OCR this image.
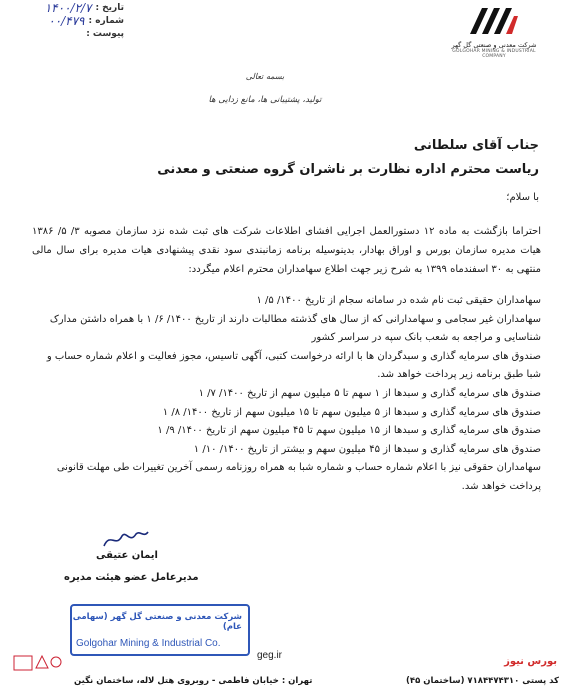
تاریخ :
۱۴۰۰/۲/۷
شماره :
۰۰/۴۷۹
پیوست :
شرکت معدنی و صنعتی گل گهر
GOLGOHAR MINING & INDUSTRIAL COMPANY
بسمه تعالی
تولید، پشتیبانی ها، مانع زدایی ها
جناب آقای سلطانی
ریاست محترم اداره نظارت بر ناشران گروه صنعتی و معدنی
با سلام؛

احتراما بازگشت به ماده ۱۲ دستورالعمل اجرایی افشای اطلاعات شرکت های ثبت شده نزد سازمان مصوبه ۳/ ۵/ ۱۳۸۶ هیات مدیره سازمان بورس و اوراق بهادار، بدینوسیله برنامه زمانبندی سود نقدی پیشنهادی هیات مدیره برای سال مالی منتهی به ۳۰ اسفندماه ۱۳۹۹ به شرح زیر جهت اطلاع سهامداران محترم اعلام میگردد:

سهامداران حقیقی ثبت نام شده در سامانه سجام از تاریخ ۱۴۰۰/ ۵/ ۱

سهامداران غیر سجامی و سهامدارانی که از سال های گذشته مطالبات دارند از تاریخ ۱۴۰۰/ ۶/ ۱ با همراه داشتن مدارک شناسایی و مراجعه به شعب بانک سپه در سراسر کشور

صندوق های سرمایه گذاری و سبدگردان ها با ارائه درخواست کتبی، آگهی تاسیس، مجوز فعالیت و اعلام شماره حساب و شبا طبق برنامه زیر پرداخت خواهد شد.

صندوق های سرمایه گذاری و سبدها از ۱ سهم تا ۵ میلیون سهم از تاریخ ۱۴۰۰/ ۷/ ۱

صندوق های سرمایه گذاری و سبدها از ۵ میلیون سهم تا ۱۵ میلیون سهم از تاریخ ۱۴۰۰/ ۸/ ۱

صندوق های سرمایه گذاری و سبدها از ۱۵ میلیون سهم تا ۴۵ میلیون سهم از تاریخ ۱۴۰۰/ ۹/ ۱

صندوق های سرمایه گذاری و سبدها از ۴۵ میلیون سهم و بیشتر از تاریخ ۱۴۰۰/ ۱۰/ ۱

سهامداران حقوقی نیز با اعلام شماره حساب و شماره شبا به همراه روزنامه رسمی آخرین تغییرات طی مهلت قانونی پرداخت خواهد شد.

ایمان عتیقی
مدیرعامل عضو هیئت مدیره
شرکت معدنی و صنعتی گل گهر (سهامی عام)
Golgohar Mining & Industrial Co.
geg.ir
بورس نیوز
تهران : خیابان فاطمی - روبروی هتل لاله، ساختمان نگین	کد پستی ۷۱۸۴۴۷۴۳۱۰ (ساختمان ۴۵)
